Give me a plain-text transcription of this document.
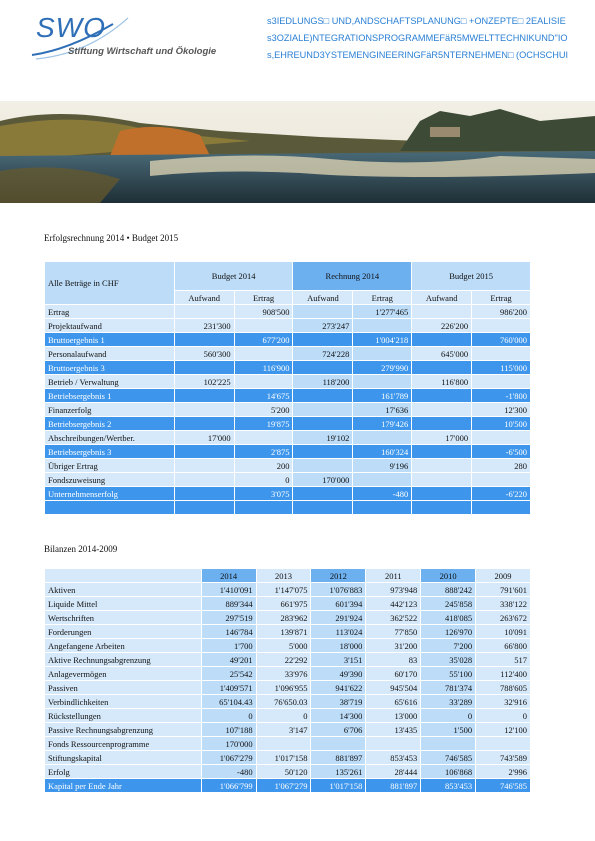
SWO
Stiftung Wirtschaft und Ökologie
s3IEDLUNGS□ UND,ANDSCHAFTSPLANUNG□ +ONZEPTE□ 2EALISIE
s3OZIALE)NTEGRATIONSPROGRAMMEFäR5MWELTTECHNIKUND"IO
s,EHREUND3YSTEMENGINEERINGFäR5NTERNEHMEN□ (OCHSCHUI
Erfolgsrechnung 2014 • Budget 2015
Alle Beträge in CHF	Budget 2014		Rechnung 2014		Budget 2015	
	Aufwand	Ertrag	Aufwand	Ertrag	Aufwand	Ertrag
Ertrag		908'500		1'277'465		986'200
Projektaufwand	231'300		273'247		226'200	
Bruttoergebnis 1		677'200		1'004'218		760'000
Personalaufwand	560'300		724'228		645'000	
Bruttoergebnis 3		116'900		279'990		115'000
Betrieb / Verwaltung	102'225		118'200		116'800	
Betriebsergebnis 1		14'675		161'789		-1'800
Finanzerfolg		5'200		17'636		12'300
Betriebsergebnis 2		19'875		179'426		10'500
Abschreibungen/Wertber.	17'000		19'102		17'000	
Betriebsergebnis 3		2'875		160'324		-6'500
Übriger Ertrag		200		9'196		280
Fondszuweisung		0	170'000			
Unternehmenserfolg		3'075		-480		-6'220

Bilanzen 2014-2009
	2014	2013	2012	2011	2010	2009
Aktiven	1'410'091	1'147'075	1'076'883	973'948	888'242	791'601
Liquide Mittel	889'344	661'975	601'394	442'123	245'858	338'122
Wertschriften	297'519	283'962	291'924	362'522	418'085	263'672
Forderungen	146'784	139'871	113'024	77'850	126'970	10'091
Angefangene Arbeiten	1'700	5'000	18'000	31'200	7'200	66'800
Aktive Rechnungsabgrenzung	49'201	22'292	3'151	83	35'028	517
Anlagevermögen	25'542	33'976	49'390	60'170	55'100	112'400
Passiven	1'409'571	1'096'955	941'622	945'504	781'374	788'605
Verbindlichkeiten	65'104.43	76'650.03	38'719	65'616	33'289	32'916
Rückstellungen	0	0	14'300	13'000	0	0
Passive Rechnungsabgrenzung	107'188	3'147	6'706	13'435	1'500	12'100
Fonds Ressourcenprogramme	170'000					
Stiftungskapital	1'067'279	1'017'158	881'897	853'453	746'585	743'589
Erfolg	-480	50'120	135'261	28'444	106'868	2'996
Kapital per Ende Jahr	1'066'799	1'067'279	1'017'158	881'897	853'453	746'585
